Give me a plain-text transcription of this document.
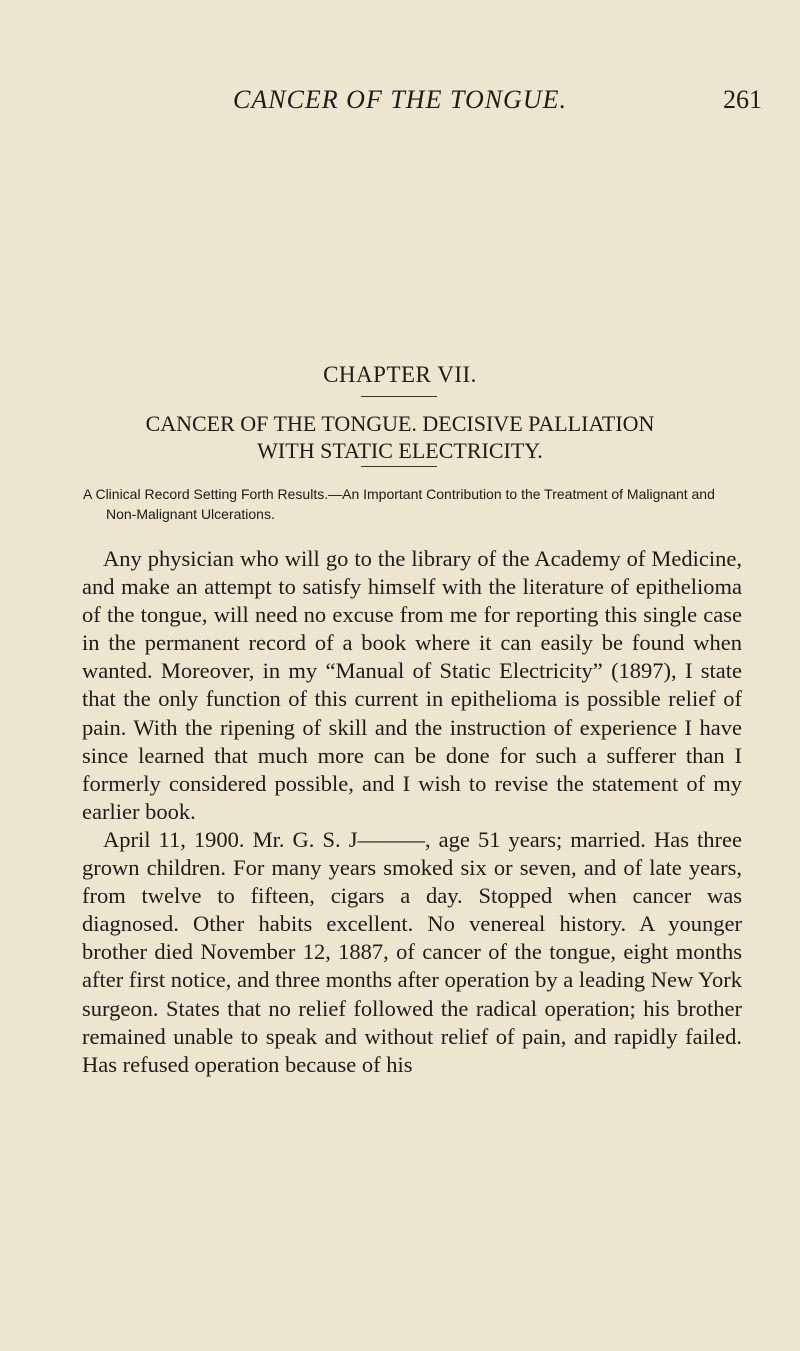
CANCER OF THE TONGUE.	261
CHAPTER VII.
CANCER OF THE TONGUE. DECISIVE PALLIATION
WITH STATIC ELECTRICITY.

A Clinical Record Setting Forth Results.—An Important Contribution to the Treatment of Malignant and Non-Malignant Ulcerations.

Any physician who will go to the library of the Academy of Medicine, and make an attempt to satisfy himself with the literature of epithelioma of the tongue, will need no excuse from me for reporting this single case in the permanent record of a book where it can easily be found when wanted. Moreover, in my “Manual of Static Electricity” (1897), I state that the only function of this current in epithelioma is possible relief of pain. With the ripening of skill and the instruction of experience I have since learned that much more can be done for such a sufferer than I formerly considered possible, and I wish to revise the statement of my earlier book.

April 11, 1900. Mr. G. S. J———, age 51 years; married. Has three grown children. For many years smoked six or seven, and of late years, from twelve to fifteen, cigars a day. Stopped when cancer was diagnosed. Other habits excellent. No venereal history. A younger brother died November 12, 1887, of cancer of the tongue, eight months after first notice, and three months after operation by a leading New York surgeon. States that no relief followed the radical operation; his brother remained unable to speak and without relief of pain, and rapidly failed. Has refused operation because of his
